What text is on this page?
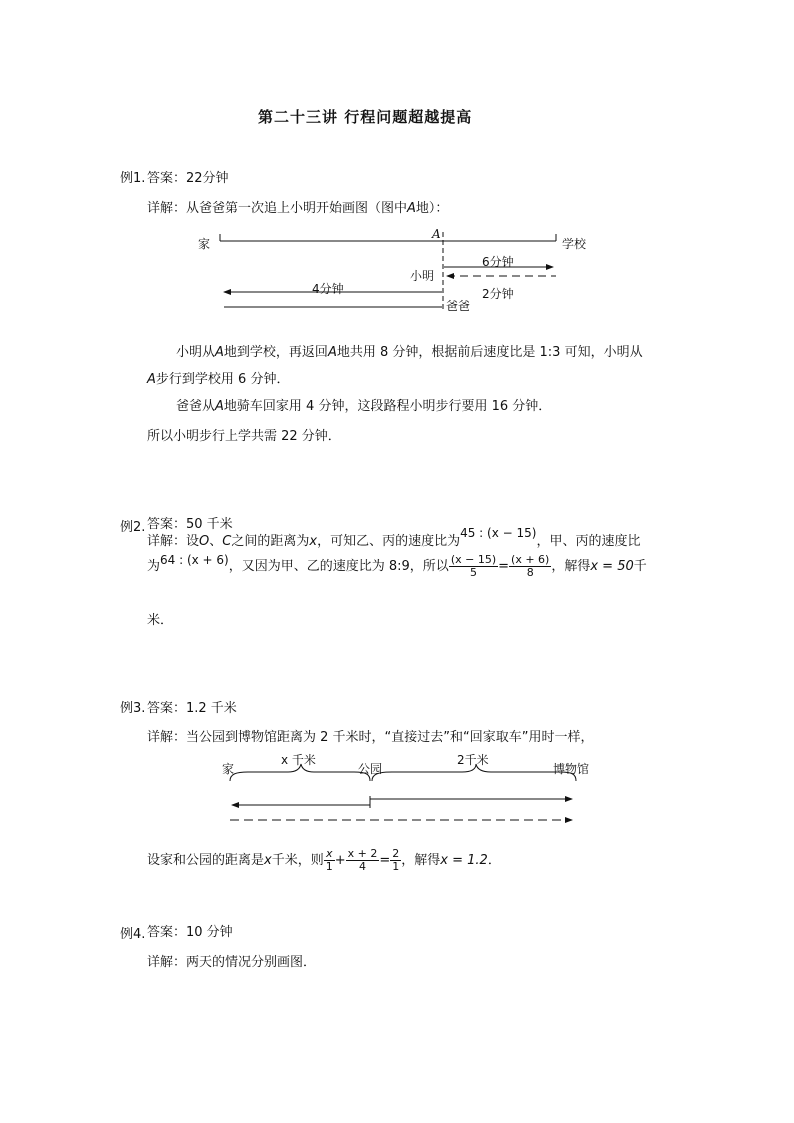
第二十三讲 行程问题超越提高
例1. 答案：22分钟
详解：从爸爸第一次追上小明开始画图（图中A地）：
家	学校
A
小明
爸爸
6分钟
2分钟
4分钟
小明从A地到学校，再返回A地共用 8 分钟，根据前后速度比是 1:3 可知，小明从
A步行到学校用 6 分钟．
爸爸从A地骑车回家用 4 分钟，这段路程小明步行要用 16 分钟．
所以小明步行上学共需 22 分钟．
例2. 答案：50 千米
详解：设O、C之间的距离为x，可知乙、丙的速度比为45 : (x − 15)，甲、丙的速度比
为64 : (x + 6)，又因为甲、乙的速度比为 8:9，所以 $\frac{(x - 15)}{5} = \frac{(x + 6)}{8}$ ，解得x = 50千
米．
例3. 答案：1.2 千米
详解：当公园到博物馆距离为 2 千米时，“直接过去”和“回家取车”用时一样，
家	公园	博物馆
x 千米	2千米
设家和公园的距离是x千米，则 $\frac{x}{1} + \frac{x + 2}{4} = \frac{2}{1}$ ，解得x = 1.2．
例4. 答案：10 分钟
详解：两天的情况分别画图．
